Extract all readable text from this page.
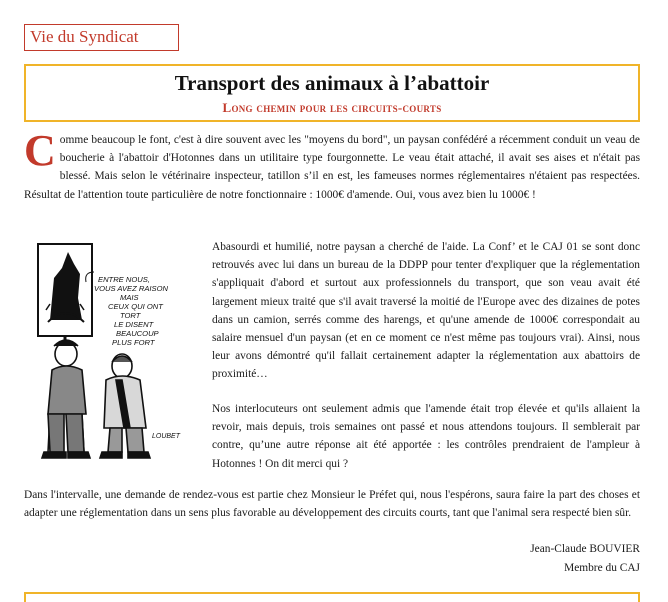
Vie du Syndicat
Transport des animaux à l’abattoir
Long chemin pour les circuits-courts
Comme beaucoup le font, c'est à dire souvent avec les "moyens du bord", un paysan confédéré a récemment conduit un veau de boucherie à l'abattoir d'Hotonnes dans un utilitaire type fourgonnette. Le veau était attaché, il avait ses aises et n'était pas blessé. Mais selon le vétérinaire inspecteur, tatillon s’il en est, les fameuses normes réglementaires n'étaient pas respectées. Résultat de l'attention toute particulière de notre fonctionnaire : 1000€ d'amende. Oui, vous avez bien lu 1000€ !
ENTRE NOUS,
VOUS AVEZ RAISON
MAIS
CEUX QUI ONT
TORT
LE DISENT
BEAUCOUP
PLUS FORT
LOUBET
Abasourdi et humilié, notre paysan a cherché de l'aide. La Conf’ et le CAJ 01 se sont donc retrouvés avec lui dans un bureau de la DDPP pour tenter d'expliquer que la réglementation s'appliquait d'abord et surtout aux professionnels du transport, que son veau avait été largement mieux traité que s'il avait traversé la moitié de l'Europe avec des dizaines de potes dans un camion, serrés comme des harengs, et qu'une amende de 1000€ correspondait au salaire mensuel d'un paysan (et en ce moment ce n'est même pas toujours vrai). Ainsi, nous leur avons démontré qu'il fallait certainement adapter la réglementation aux abattoirs de proximité…
Nos interlocuteurs ont seulement admis que l'amende était trop élevée et qu'ils allaient la revoir, mais depuis, trois semaines ont passé et nous attendons toujours. Il semblerait par contre, qu’une autre réponse ait été apportée : les contrôles prendraient de l'ampleur à Hotonnes ! On dit merci qui ?
Dans l'intervalle, une demande de rendez-vous est partie chez Monsieur le Préfet qui, nous l'espérons, saura faire la part des choses et adapter une réglementation dans un sens plus favorable au développement des circuits courts, tant que l'animal sera respecté bien sûr.
Jean-Claude BOUVIER
Membre du CAJ
